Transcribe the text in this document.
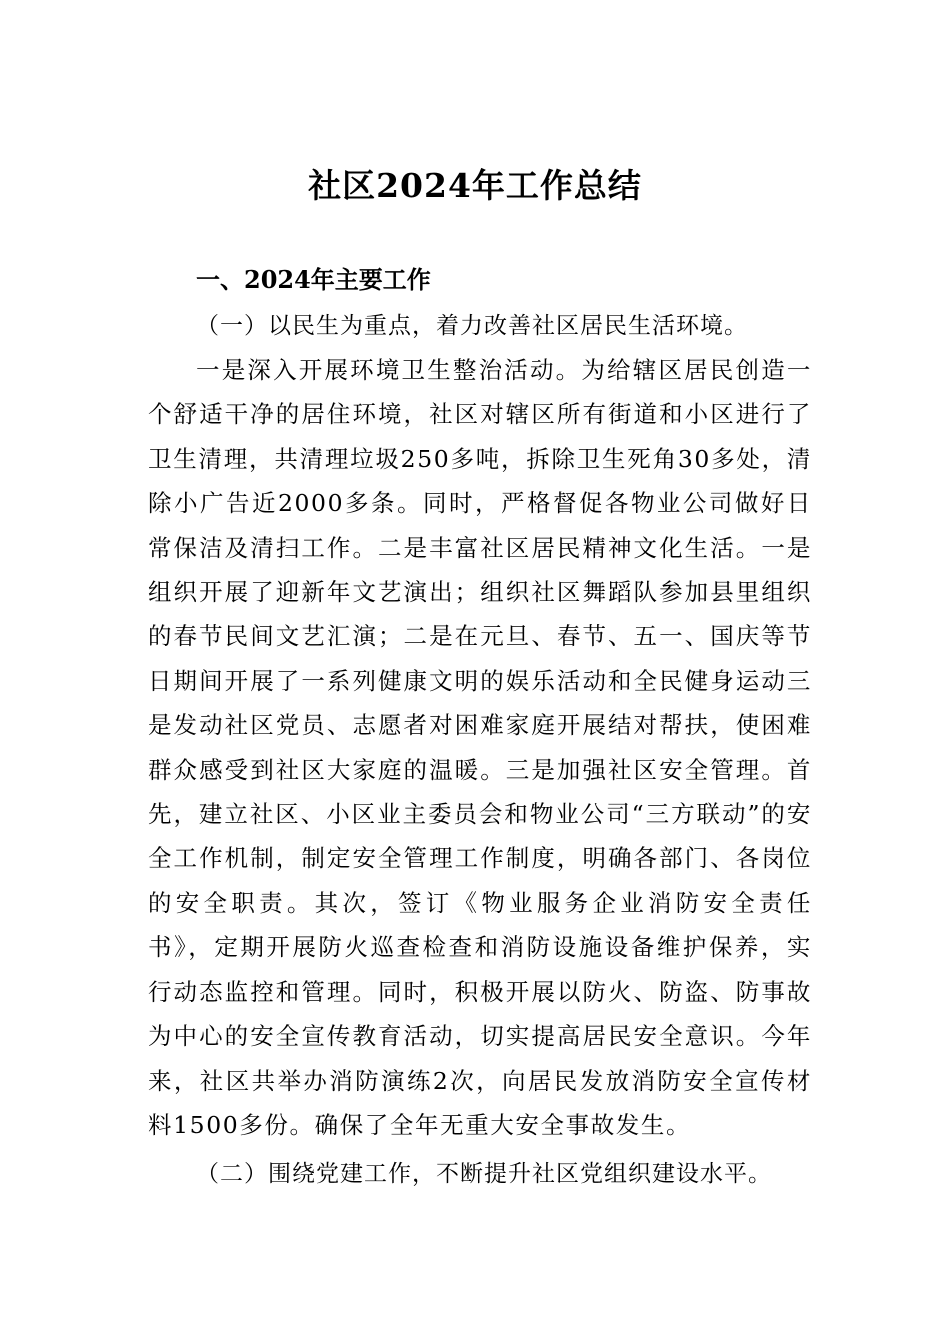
社区2024年工作总结
一、2024年主要工作
（一）以民生为重点，着力改善社区居民生活环境。

一是深入开展环境卫生整治活动。为给辖区居民创造一个舒适干净的居住环境，社区对辖区所有街道和小区进行了卫生清理，共清理垃圾250多吨，拆除卫生死角30多处，清除小广告近2000多条。同时，严格督促各物业公司做好日常保洁及清扫工作。二是丰富社区居民精神文化生活。一是组织开展了迎新年文艺演出；组织社区舞蹈队参加县里组织的春节民间文艺汇演；二是在元旦、春节、五一、国庆等节日期间开展了一系列健康文明的娱乐活动和全民健身运动三是发动社区党员、志愿者对困难家庭开展结对帮扶，使困难群众感受到社区大家庭的温暖。三是加强社区安全管理。首先，建立社区、小区业主委员会和物业公司“三方联动”的安全工作机制，制定安全管理工作制度，明确各部门、各岗位的安全职责。其次，签订《物业服务企业消防安全责任书》，定期开展防火巡查检查和消防设施设备维护保养，实行动态监控和管理。同时，积极开展以防火、防盗、防事故为中心的安全宣传教育活动，切实提高居民安全意识。今年来，社区共举办消防演练2次，向居民发放消防安全宣传材料1500多份。确保了全年无重大安全事故发生。

（二）围绕党建工作，不断提升社区党组织建设水平。
